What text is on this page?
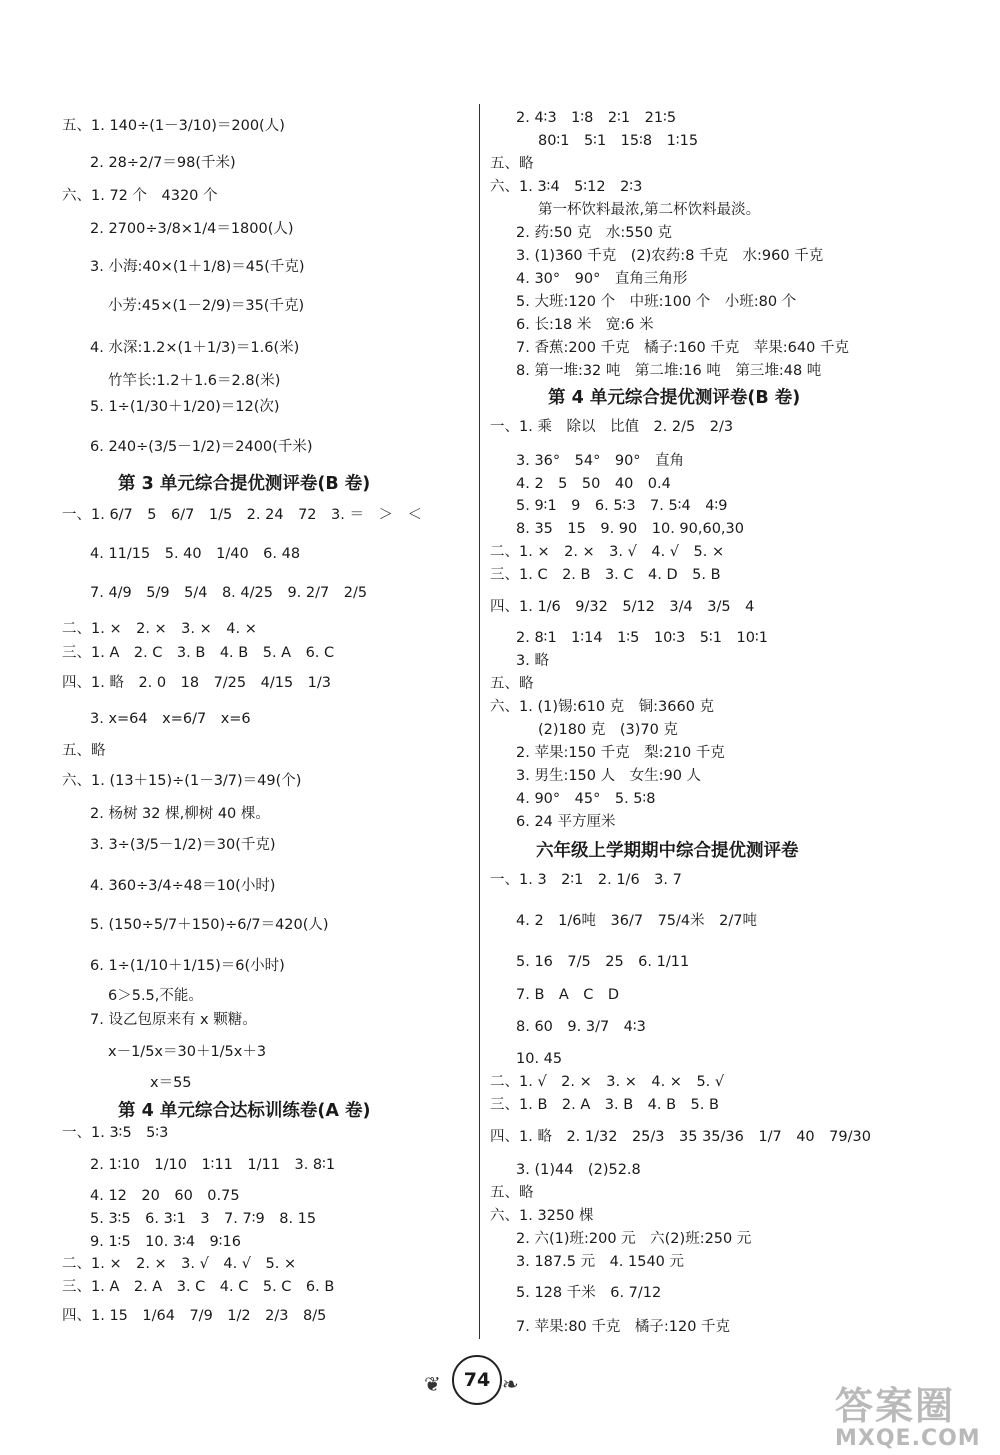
五、1. 140÷(1－3/10)＝200(人)
2. 28÷2/7＝98(千米)
六、1. 72 个　4320 个
2. 2700÷3/8×1/4＝1800(人)
3. 小海:40×(1＋1/8)＝45(千克)
小芳:45×(1－2/9)＝35(千克)
4. 水深:1.2×(1＋1/3)＝1.6(米)
竹竿长:1.2＋1.6＝2.8(米)
5. 1÷(1/30＋1/20)＝12(次)
6. 240÷(3/5－1/2)＝2400(千米)
第 3 单元综合提优测评卷(B 卷)
一、1. 6/7　5　6/7　1/5　2. 24　72　3. ＝　＞　＜
4. 11/15　5. 40　1/40　6. 48
7. 4/9　5/9　5/4　8. 4/25　9. 2/7　2/5
二、1. ×　2. ×　3. ×　4. ×
三、1. A　2. C　3. B　4. B　5. A　6. C
四、1. 略　2. 0　18　7/25　4/15　1/3
3. x=64　x=6/7　x=6
五、略
六、1. (13＋15)÷(1－3/7)＝49(个)
2. 杨树 32 棵,柳树 40 棵。
3. 3÷(3/5－1/2)＝30(千克)
4. 360÷3/4÷48＝10(小时)
5. (150÷5/7＋150)÷6/7＝420(人)
6. 1÷(1/10＋1/15)＝6(小时)
6＞5.5,不能。
7. 设乙包原来有 x 颗糖。
x－1/5x＝30＋1/5x＋3
x＝55
第 4 单元综合达标训练卷(A 卷)
一、1. 3∶5　5∶3
2. 1∶10　1/10　1∶11　1/11　3. 8∶1
4. 12　20　60　0.75
5. 3∶5　6. 3∶1　3　7. 7∶9　8. 15
9. 1∶5　10. 3∶4　9∶16
二、1. ×　2. ×　3. √　4. √　5. ×
三、1. A　2. A　3. C　4. C　5. C　6. B
四、1. 15　1/64　7/9　1/2　2/3　8/5
2. 4∶3　1∶8　2∶1　21∶5
80∶1　5∶1　15∶8　1∶15
五、略
六、1. 3∶4　5∶12　2∶3
第一杯饮料最浓,第二杯饮料最淡。
2. 药:50 克　水:550 克
3. (1)360 千克　(2)农药:8 千克　水:960 千克
4. 30°　90°　直角三角形
5. 大班:120 个　中班:100 个　小班:80 个
6. 长:18 米　宽:6 米
7. 香蕉:200 千克　橘子:160 千克　苹果:640 千克
8. 第一堆:32 吨　第二堆:16 吨　第三堆:48 吨
第 4 单元综合提优测评卷(B 卷)
一、1. 乘　除以　比值　2. 2/5　2/3
3. 36°　54°　90°　直角
4. 2　5　50　40　0.4
5. 9∶1　9　6. 5∶3　7. 5∶4　4∶9
8. 35　15　9. 90　10. 90,60,30
二、1. ×　2. ×　3. √　4. √　5. ×
三、1. C　2. B　3. C　4. D　5. B
四、1. 1/6　9/32　5/12　3/4　3/5　4
2. 8∶1　1∶14　1∶5　10∶3　5∶1　10∶1
3. 略
五、略
六、1. (1)锡:610 克　铜:3660 克
(2)180 克　(3)70 克
2. 苹果:150 千克　梨:210 千克
3. 男生:150 人　女生:90 人
4. 90°　45°　5. 5∶8
6. 24 平方厘米
六年级上学期期中综合提优测评卷
一、1. 3　2∶1　2. 1/6　3. 7
4. 2　1/6吨　36/7　75/4米　2/7吨
5. 16　7/5　25　6. 1/11
7. B　A　C　D
8. 60　9. 3/7　4∶3
10. 45
二、1. √　2. ×　3. ×　4. ×　5. √
三、1. B　2. A　3. B　4. B　5. B
四、1. 略　2. 1/32　25/3　35 35/36　1/7　40　79/30
3. (1)44　(2)52.8
五、略
六、1. 3250 棵
2. 六(1)班:200 元　六(2)班:250 元
3. 187.5 元　4. 1540 元
5. 128 千米　6. 7/12
7. 苹果:80 千克　橘子:120 千克
❦	74 ❧	答案圈
MXQE.COM
